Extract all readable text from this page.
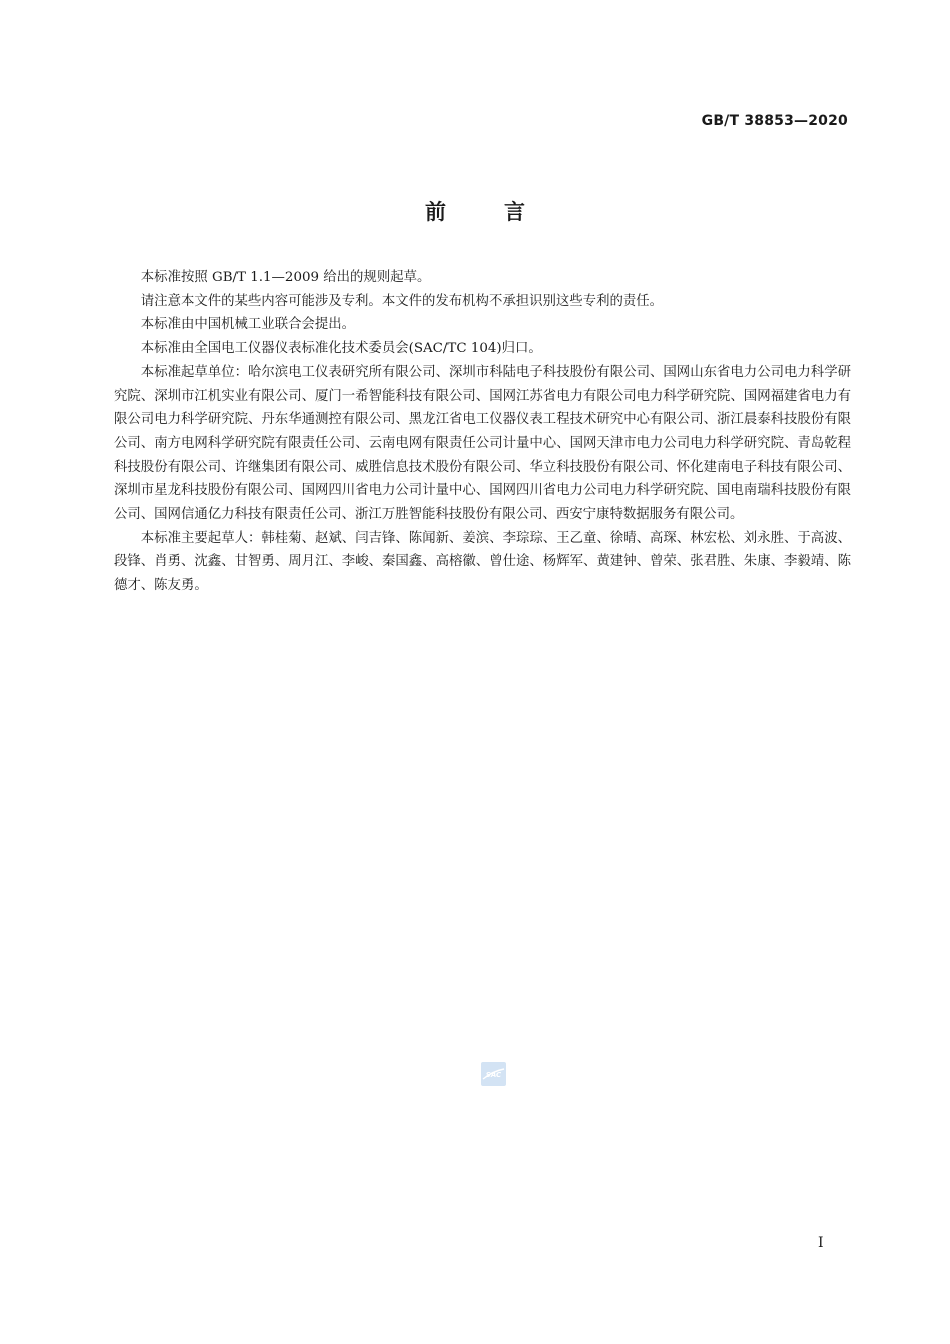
GB/T 38853—2020
前言

本标准按照 GB/T 1.1—2009 给出的规则起草。

请注意本文件的某些内容可能涉及专利。本文件的发布机构不承担识别这些专利的责任。

本标准由中国机械工业联合会提出。

本标准由全国电工仪器仪表标准化技术委员会(SAC/TC 104)归口。

本标准起草单位：哈尔滨电工仪表研究所有限公司、深圳市科陆电子科技股份有限公司、国网山东省电力公司电力科学研究院、深圳市江机实业有限公司、厦门一希智能科技有限公司、国网江苏省电力有限公司电力科学研究院、国网福建省电力有限公司电力科学研究院、丹东华通测控有限公司、黑龙江省电工仪器仪表工程技术研究中心有限公司、浙江晨泰科技股份有限公司、南方电网科学研究院有限责任公司、云南电网有限责任公司计量中心、国网天津市电力公司电力科学研究院、青岛乾程科技股份有限公司、许继集团有限公司、威胜信息技术股份有限公司、华立科技股份有限公司、怀化建南电子科技有限公司、深圳市星龙科技股份有限公司、国网四川省电力公司计量中心、国网四川省电力公司电力科学研究院、国电南瑞科技股份有限公司、国网信通亿力科技有限责任公司、浙江万胜智能科技股份有限公司、西安宁康特数据服务有限公司。

本标准主要起草人：韩桂菊、赵斌、闫吉锋、陈闻新、姜滨、李琮琮、王乙童、徐晴、高琛、林宏松、刘永胜、于高波、段锋、肖勇、沈鑫、甘智勇、周月江、李峻、秦国鑫、高榕徽、曾仕途、杨辉军、黄建钟、曾荣、张君胜、朱康、李毅靖、陈德才、陈友勇。

SAC
I
